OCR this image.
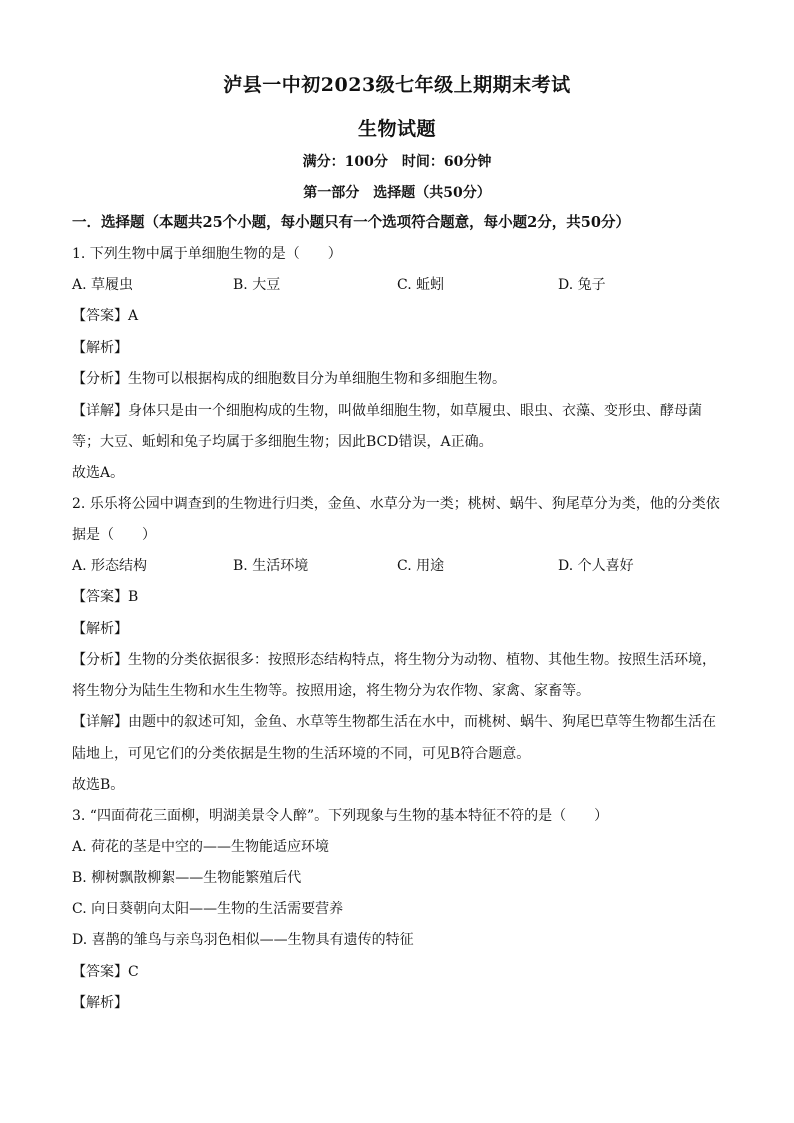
泸县一中初2023级七年级上期期末考试
生物试题
满分：100分　时间：60分钟
第一部分　选择题（共50分）
一．选择题（本题共25个小题，每小题只有一个选项符合题意，每小题2分，共50分）
1. 下列生物中属于单细胞生物的是（　　）
A. 草履虫	B. 大豆	C. 蚯蚓	D. 兔子
【答案】A
【解析】
【分析】生物可以根据构成的细胞数目分为单细胞生物和多细胞生物。
【详解】身体只是由一个细胞构成的生物，叫做单细胞生物，如草履虫、眼虫、衣藻、变形虫、酵母菌
等；大豆、蚯蚓和兔子均属于多细胞生物；因此BCD错误，A正确。
故选A。
2. 乐乐将公园中调查到的生物进行归类，金鱼、水草分为一类；桃树、蜗牛、狗尾草分为类，他的分类依
据是（　　）
A. 形态结构	B. 生活环境	C. 用途	D. 个人喜好
【答案】B
【解析】
【分析】生物的分类依据很多：按照形态结构特点，将生物分为动物、植物、其他生物。按照生活环境，
将生物分为陆生生物和水生生物等。按照用途，将生物分为农作物、家禽、家畜等。
【详解】由题中的叙述可知，金鱼、水草等生物都生活在水中，而桃树、蜗牛、狗尾巴草等生物都生活在
陆地上，可见它们的分类依据是生物的生活环境的不同，可见B符合题意。
故选B。
3. “四面荷花三面柳，明湖美景令人醉”。下列现象与生物的基本特征不符的是（　　）
A. 荷花的茎是中空的——生物能适应环境
B. 柳树飘散柳絮——生物能繁殖后代
C. 向日葵朝向太阳——生物的生活需要营养
D. 喜鹊的雏鸟与亲鸟羽色相似——生物具有遗传的特征
【答案】C
【解析】
